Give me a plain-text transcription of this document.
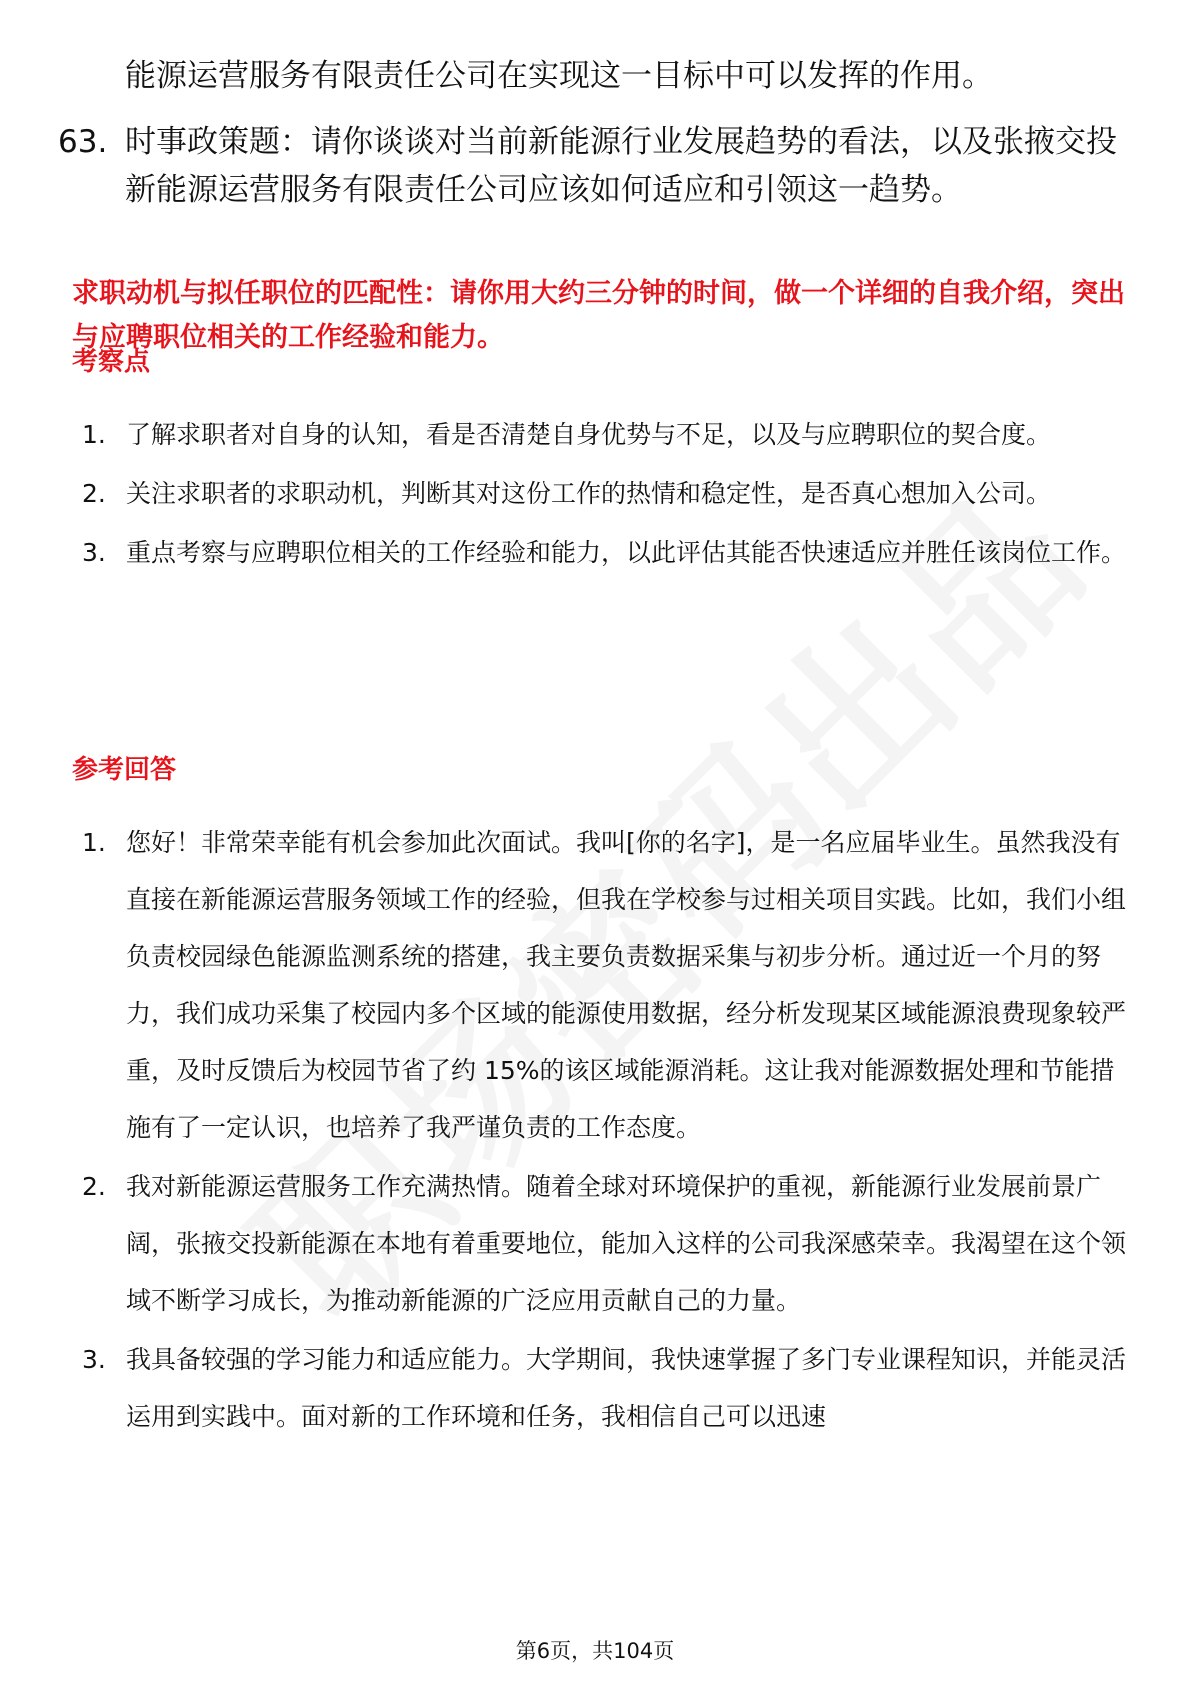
能源运营服务有限责任公司在实现这一目标中可以发挥的作用。
63. 时事政策题：请你谈谈对当前新能源行业发展趋势的看法，以及张掖交投新能源运营服务有限责任公司应该如何适应和引领这一趋势。
求职动机与拟任职位的匹配性：请你用大约三分钟的时间，做一个详细的自我介绍，突出与应聘职位相关的工作经验和能力。
考察点
1. 了解求职者对自身的认知，看是否清楚自身优势与不足，以及与应聘职位的契合度。
2. 关注求职者的求职动机，判断其对这份工作的热情和稳定性，是否真心想加入公司。
3. 重点考察与应聘职位相关的工作经验和能力，以此评估其能否快速适应并胜任该岗位工作。
参考回答
1. 您好！非常荣幸能有机会参加此次面试。我叫[你的名字]，是一名应届毕业生。虽然我没有直接在新能源运营服务领域工作的经验，但我在学校参与过相关项目实践。比如，我们小组负责校园绿色能源监测系统的搭建，我主要负责数据采集与初步分析。通过近一个月的努力，我们成功采集了校园内多个区域的能源使用数据，经分析发现某区域能源浪费现象较严重，及时反馈后为校园节省了约 15%的该区域能源消耗。这让我对能源数据处理和节能措施有了一定认识，也培养了我严谨负责的工作态度。
2. 我对新能源运营服务工作充满热情。随着全球对环境保护的重视，新能源行业发展前景广阔，张掖交投新能源在本地有着重要地位，能加入这样的公司我深感荣幸。我渴望在这个领域不断学习成长，为推动新能源的广泛应用贡献自己的力量。
3. 我具备较强的学习能力和适应能力。大学期间，我快速掌握了多门专业课程知识，并能灵活运用到实践中。面对新的工作环境和任务，我相信自己可以迅速
第6页，共104页
